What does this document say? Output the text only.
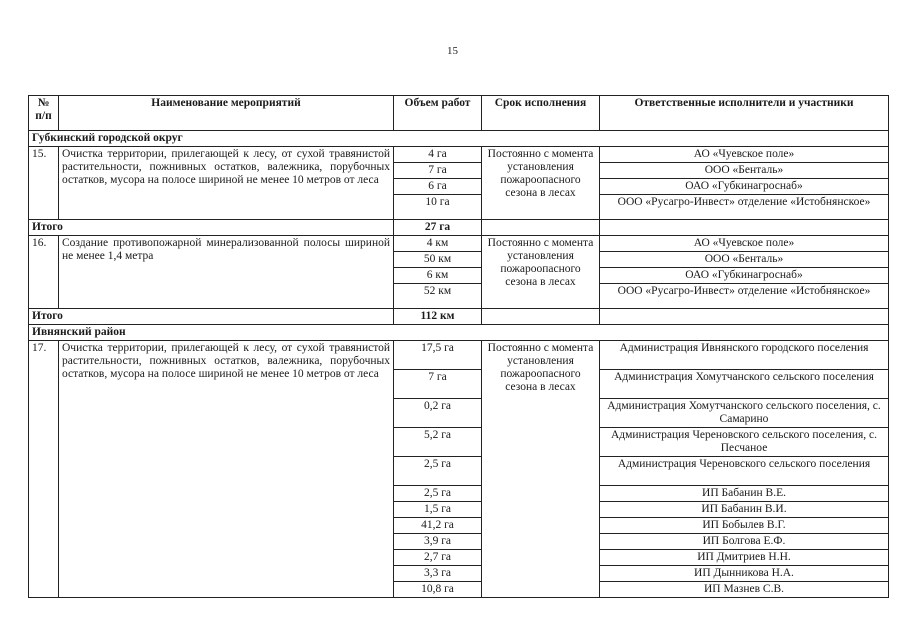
15
№ п/п	Наименование мероприятий	Объем работ	Срок исполнения	Ответственные исполнители и участники
Губкинский городской округ				
15.	Очистка территории, прилегающей к лесу, от сухой травянистой растительности, пожнивных остатков, валежника, порубочных остатков, мусора на полосе шириной не менее 10 метров от леса	4 га	Постоянно с момента установления пожароопасного сезона в лесах	АО «Чуевское поле»
		7 га		ООО «Бенталь»
		6 га		ОАО «Губкинагроснаб»
		10 га		ООО «Русагро-Инвест» отделение «Истобнянское»
Итого		27 га		
16.	Создание противопожарной минерализованной полосы шириной не менее 1,4 метра	4 км	Постоянно с момента установления пожароопасного сезона в лесах	АО «Чуевское поле»
		50 км		ООО «Бенталь»
		6 км		ОАО «Губкинагроснаб»
		52 км		ООО «Русагро-Инвест» отделение «Истобнянское»
Итого		112 км		
Ивнянский район				
17.	Очистка территории, прилегающей к лесу, от сухой травянистой растительности, пожнивных остатков, валежника, порубочных остатков, мусора на полосе шириной не менее 10 метров от леса	17,5 га	Постоянно с момента установления пожароопасного сезона в лесах	Администрация Ивнянского городского поселения
		7 га		Администрация Хомутчанского сельского поселения
		0,2 га		Администрация Хомутчанского сельского поселения, с. Самарино
		5,2 га		Администрация Череновского сельского поселения, с. Песчаное
		2,5 га		Администрация Череновского сельского поселения
		2,5 га		ИП Бабанин В.Е.
		1,5 га		ИП Бабанин В.И.
		41,2 га		ИП Бобылев В.Г.
		3,9 га		ИП Болгова Е.Ф.
		2,7 га		ИП Дмитриев Н.Н.
		3,3 га		ИП Дынникова Н.А.
		10,8 га		ИП Мазнев С.В.
